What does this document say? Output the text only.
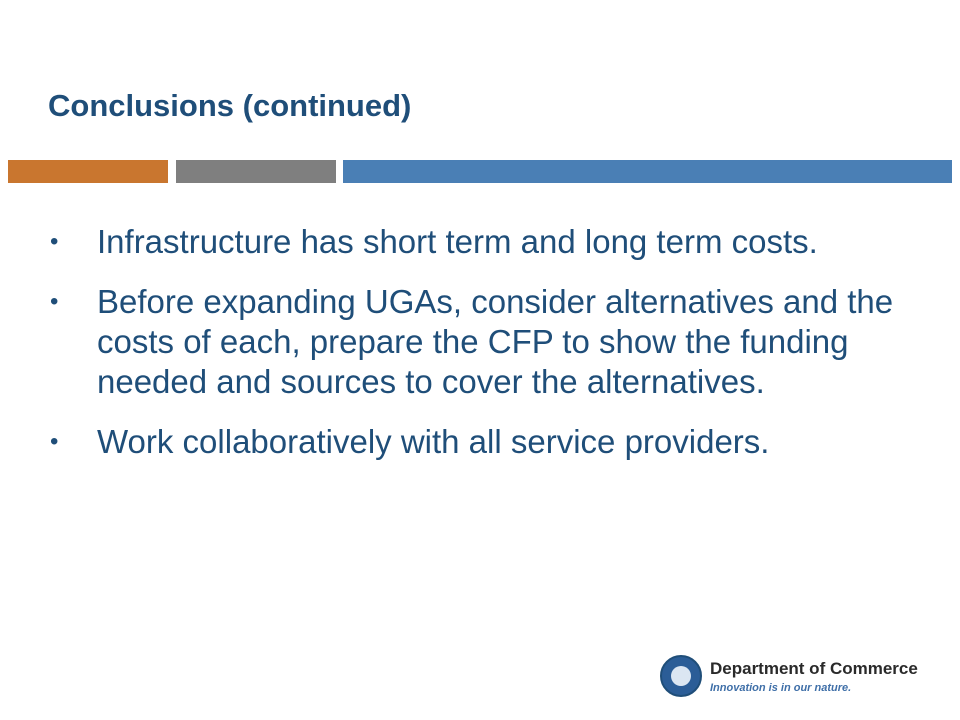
Conclusions (continued)
• Infrastructure has short term and long term costs.
• Before expanding UGAs, consider alternatives and the costs of each, prepare the CFP to show the funding needed and sources to cover the alternatives.
• Work collaboratively with all service providers.
Department of Commerce
Innovation is in our nature.
